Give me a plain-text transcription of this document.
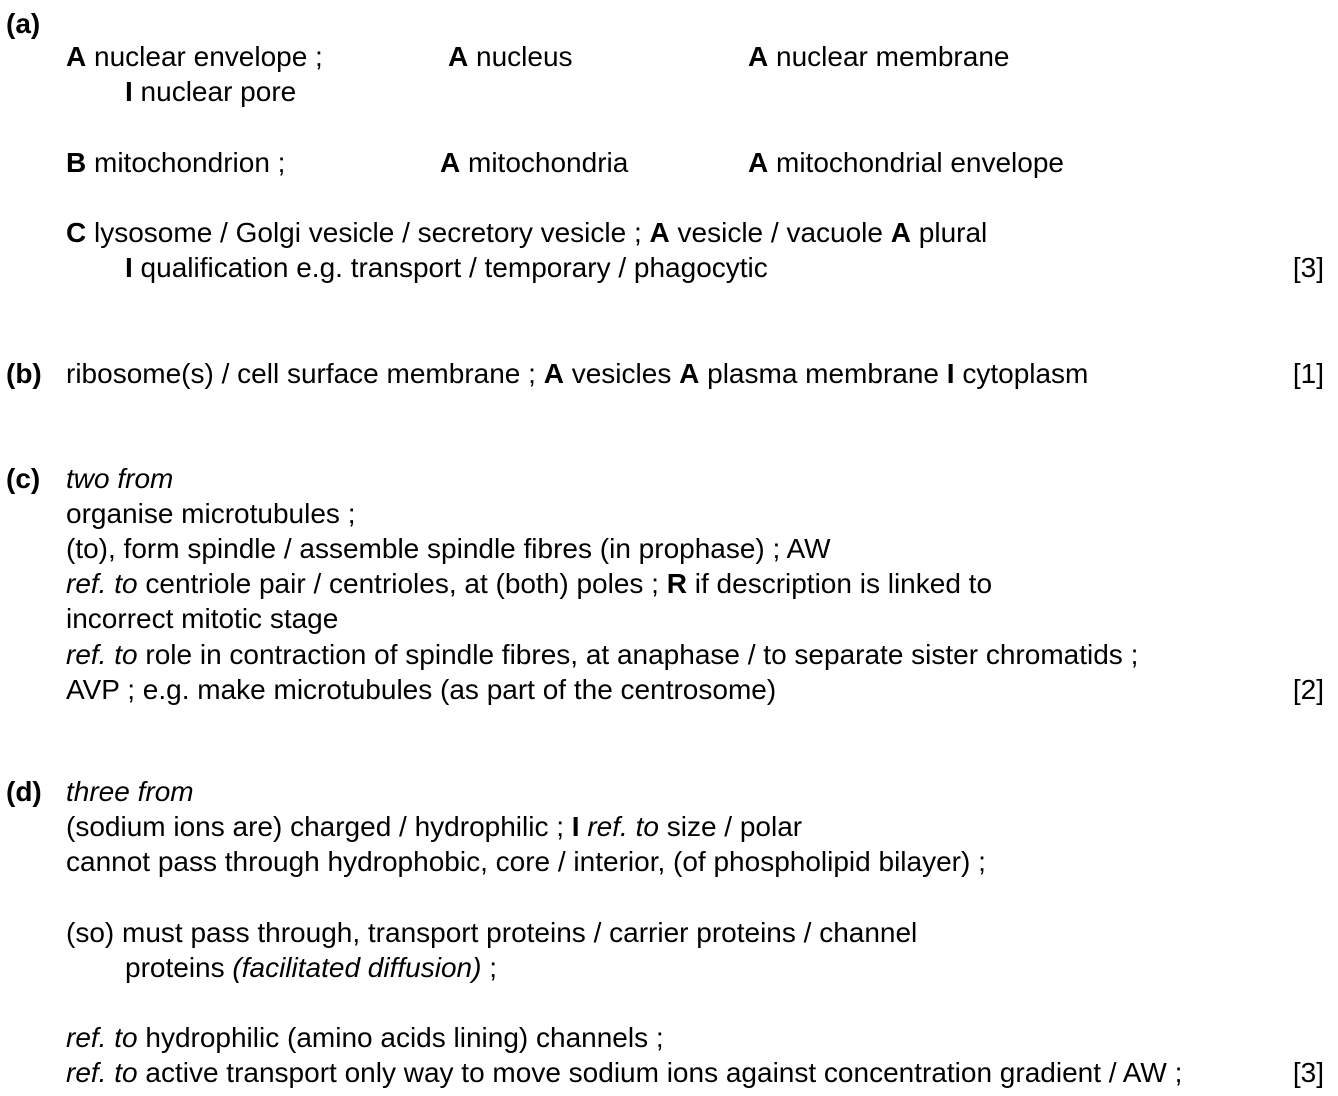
(a)
A nuclear envelope ;	A nucleus	A nuclear membrane
I nuclear pore
B mitochondrion ;	A mitochondria	A mitochondrial envelope
C lysosome / Golgi vesicle / secretory vesicle ; A vesicle / vacuole A plural
I qualification e.g. transport / temporary / phagocytic	[3]
(b) ribosome(s) / cell surface membrane ; A vesicles A plasma membrane I cytoplasm	[1]
(c) two from
organise microtubules ;
(to), form spindle / assemble spindle fibres (in prophase) ; AW
ref. to centriole pair / centrioles, at (both) poles ; R if description is linked to
incorrect mitotic stage
ref. to role in contraction of spindle fibres, at anaphase / to separate sister chromatids ;
AVP ; e.g. make microtubules (as part of the centrosome)	[2]
(d) three from
(sodium ions are) charged / hydrophilic ; I ref. to size / polar
cannot pass through hydrophobic, core / interior, (of phospholipid bilayer) ;
(so) must pass through, transport proteins / carrier proteins / channel
proteins (facilitated diffusion) ;
ref. to hydrophilic (amino acids lining) channels ;
ref. to active transport only way to move sodium ions against concentration gradient / AW ;	[3]
